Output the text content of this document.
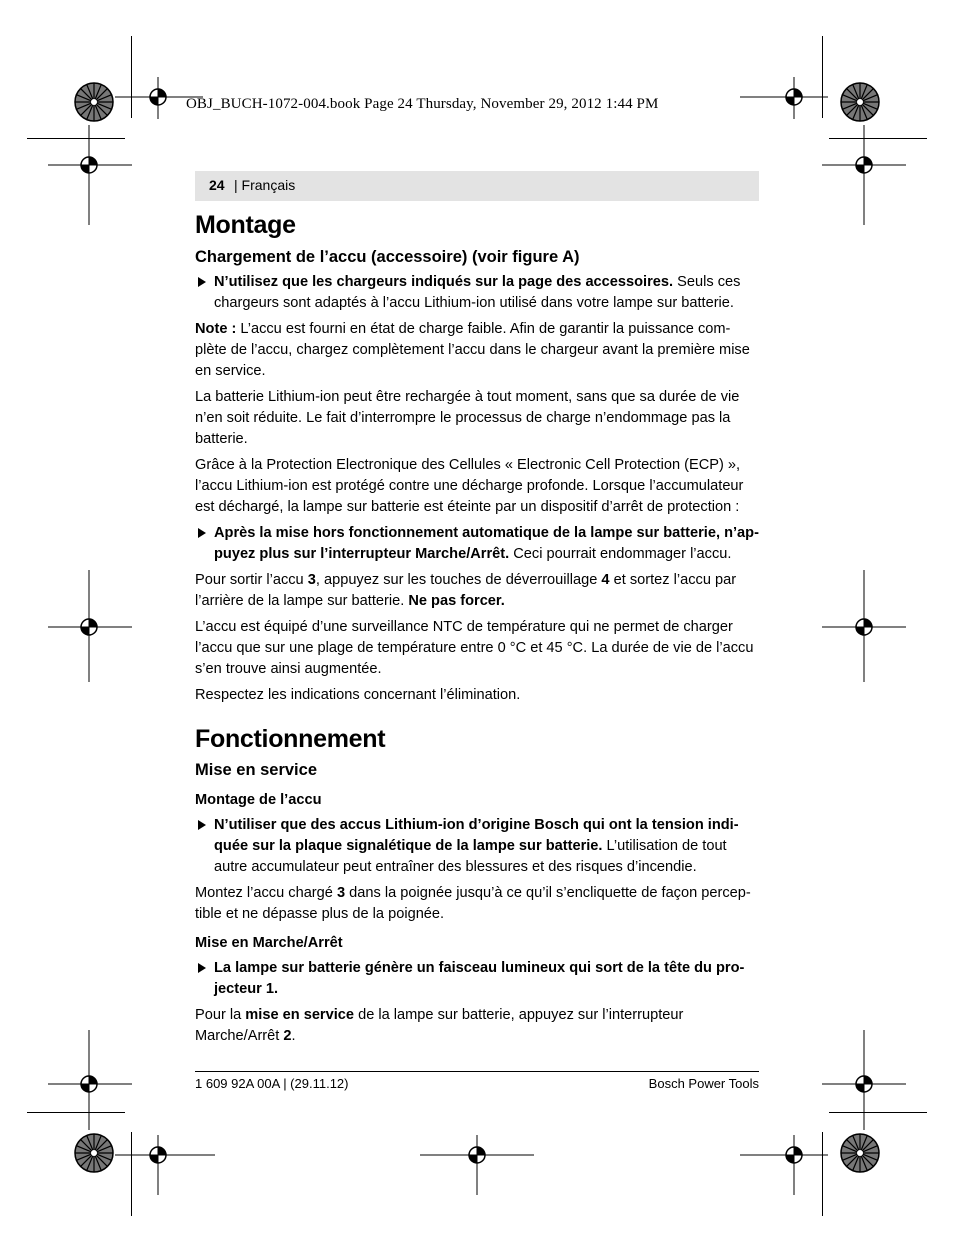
OBJ_BUCH-1072-004.book Page 24 Thursday, November 29, 2012 1:44 PM
24 | Français
Montage
Chargement de l’accu (accessoire) (voir figure A)
N’utilisez que les chargeurs indiqués sur la page des accessoires. Seuls ces chargeurs sont adaptés à l’accu Lithium-ion utilisé dans votre lampe sur batterie.

Note : L’accu est fourni en état de charge faible. Afin de garantir la puissance com-plète de l’accu, chargez complètement l’accu dans le chargeur avant la première mise en service.

La batterie Lithium-ion peut être rechargée à tout moment, sans que sa durée de vie n’en soit réduite. Le fait d’interrompre le processus de charge n’endommage pas la batterie.

Grâce à la Protection Electronique des Cellules « Electronic Cell Protection (ECP) », l’accu Lithium-ion est protégé contre une décharge profonde. Lorsque l’accumulateur est déchargé, la lampe sur batterie est éteinte par un dispositif d’arrêt de protection :

Après la mise hors fonctionnement automatique de la lampe sur batterie, n’ap-puyez plus sur l’interrupteur Marche/Arrêt. Ceci pourrait endommager l’accu.

Pour sortir l’accu 3, appuyez sur les touches de déverrouillage 4 et sortez l’accu par l’arrière de la lampe sur batterie. Ne pas forcer.

L’accu est équipé d’une surveillance NTC de température qui ne permet de charger l’accu que sur une plage de température entre 0 °C et 45 °C. La durée de vie de l’accu s’en trouve ainsi augmentée.

Respectez les indications concernant l’élimination.

Fonctionnement
Mise en service
Montage de l’accu
N’utiliser que des accus Lithium-ion d’origine Bosch qui ont la tension indi-quée sur la plaque signalétique de la lampe sur batterie. L’utilisation de tout autre accumulateur peut entraîner des blessures et des risques d’incendie.

Montez l’accu chargé 3 dans la poignée jusqu’à ce qu’il s’encliquette de façon percep-tible et ne dépasse plus de la poignée.

Mise en Marche/Arrêt
La lampe sur batterie génère un faisceau lumineux qui sort de la tête du pro-jecteur 1.

Pour la mise en service de la lampe sur batterie, appuyez sur l’interrupteur Marche/Arrêt 2.

1 609 92A 00A | (29.11.12)	Bosch Power Tools
